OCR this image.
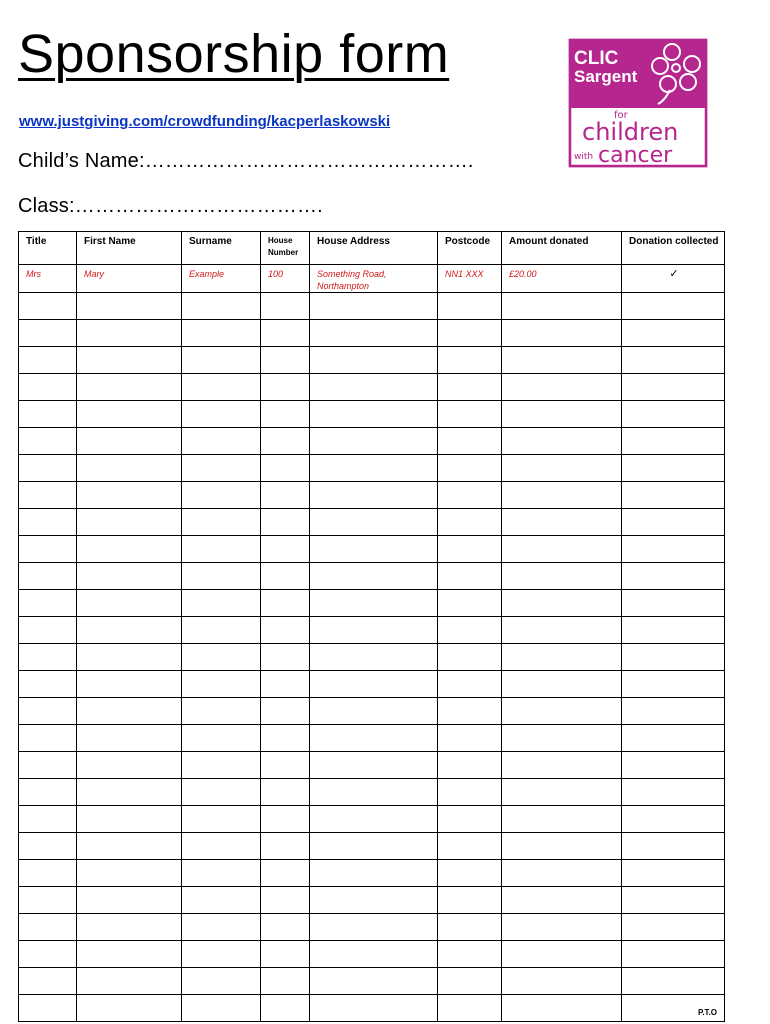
Sponsorship form
www.justgiving.com/crowdfunding/kacperlaskowski
Child’s Name:………………………………………….
Class:……………………………….
CLIC
Sargent
for
children
with cancer
Title	First Name	Surname	House Number	House Address	Postcode	Amount donated	Donation collected
Mrs	Mary	Example	100	Something Road, Northampton	NN1 XXX	£20.00	✓

							P.T.O
